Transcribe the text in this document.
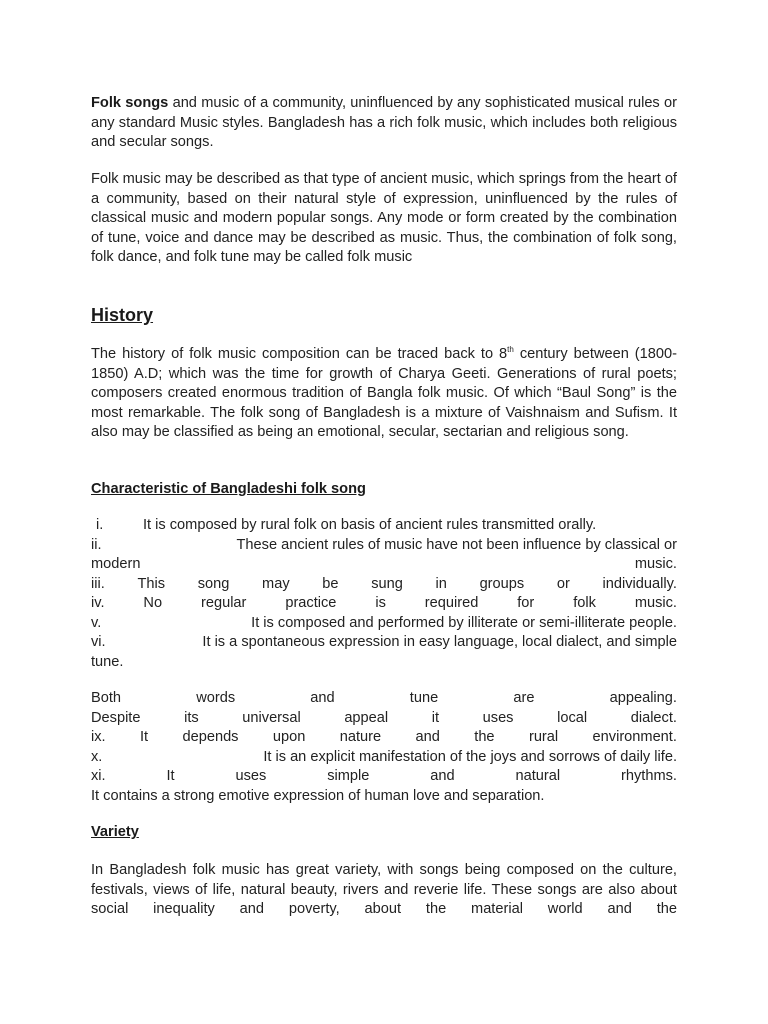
Folk songs and music of a community, uninfluenced by any sophisticated musical rules or any standard Music styles. Bangladesh has a rich folk music, which includes both religious and secular songs.
Folk music may be described as that type of ancient music, which springs from the heart of a community, based on their natural style of expression, uninfluenced by the rules of classical music and modern popular songs. Any mode or form created by the combination of tune, voice and dance may be described as music. Thus, the combination of folk song, folk dance, and folk tune may be called folk music
History
The history of folk music composition can be traced back to 8th century between (1800-1850) A.D; which was the time for growth of Charya Geeti. Generations of rural poets; composers created enormous tradition of Bangla folk music. Of which “Baul Song” is the most remarkable. The folk song of Bangladesh is a mixture of Vaishnaism and Sufism. It also may be classified as being an emotional, secular, sectarian and religious song.
Characteristic of Bangladeshi folk song
i.	It is composed by rural folk on basis of ancient rules transmitted orally.
ii.	These ancient rules of music have not been influence by classical or
modern	music.
iii. This song may be sung in groups or individually.
iv.	No	regular	practice	is	required	for	folk	music.
v.	It is composed and performed by illiterate or semi-illiterate people.
vi.	It is a spontaneous expression in easy language, local dialect, and simple
tune.
Both	words	and	tune	are	appealing.
Despite	its	universal	appeal	it	uses	local	dialect.
ix. It depends upon nature and the rural environment.
x.	It is an explicit manifestation of the joys and sorrows of daily life.
xi.	It	uses	simple	and	natural	rhythms.
It contains a strong emotive expression of human love and separation.
Variety
In Bangladesh folk music has great variety, with songs being composed on the culture, festivals, views of life, natural beauty, rivers and reverie life. These songs are also about social inequality and poverty, about the material world and the
